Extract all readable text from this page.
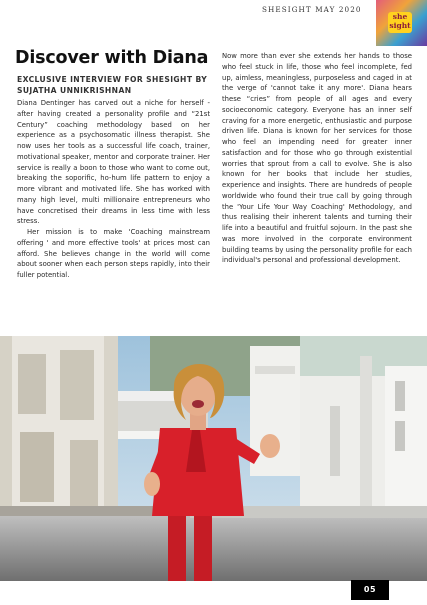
SHESIGHT MAY 2020
she
sight
Discover with Diana
EXCLUSIVE INTERVIEW FOR SHESIGHT BY SUJATHA UNNIKRISHNAN

Diana Dentinger has carved out a niche for herself -after having created a personality profile and “21st Century” coaching methodology based on her experience as a psychosomatic illness therapist. She now uses her tools as a successful life coach, trainer, motivational speaker, mentor and corporate trainer. Her service is really a boon to those who want to come out, breaking the soporific, ho-hum life pattern to enjoy a more vibrant and motivated life. She has worked with many high level, multi millionaire entrepreneurs who have concretised their dreams in less time with less stress.

Her mission is to make 'Coaching mainstream offering ' and more effective tools' at prices most can afford. She believes change in the world will come about sooner when each person steps rapidly, into their fuller potential.

Now more than ever she extends her hands to those who feel stuck in life, those who feel incomplete, fed up, aimless, meaningless, purposeless and caged in at the verge of 'cannot take it any more'. Diana hears these “cries” from people of all ages and every socioeconomic category. Everyone has an inner self craving for a more energetic, enthusiastic and purpose driven life. Diana is known for her services for those who feel an impending need for greater inner satisfaction and for those who go through existential worries that sprout from a call to evolve. She is also known for her books that include her studies, experience and insights. There are hundreds of people worldwide who found their true call by going through the 'Your Life Your Way Coaching' Methodology, and thus realising their inherent talents and turning their life into a beautiful and fruitful sojourn. In the past she was more involved in the corporate environment building teams by using the personality profile for each individual's personal and professional development.

05
